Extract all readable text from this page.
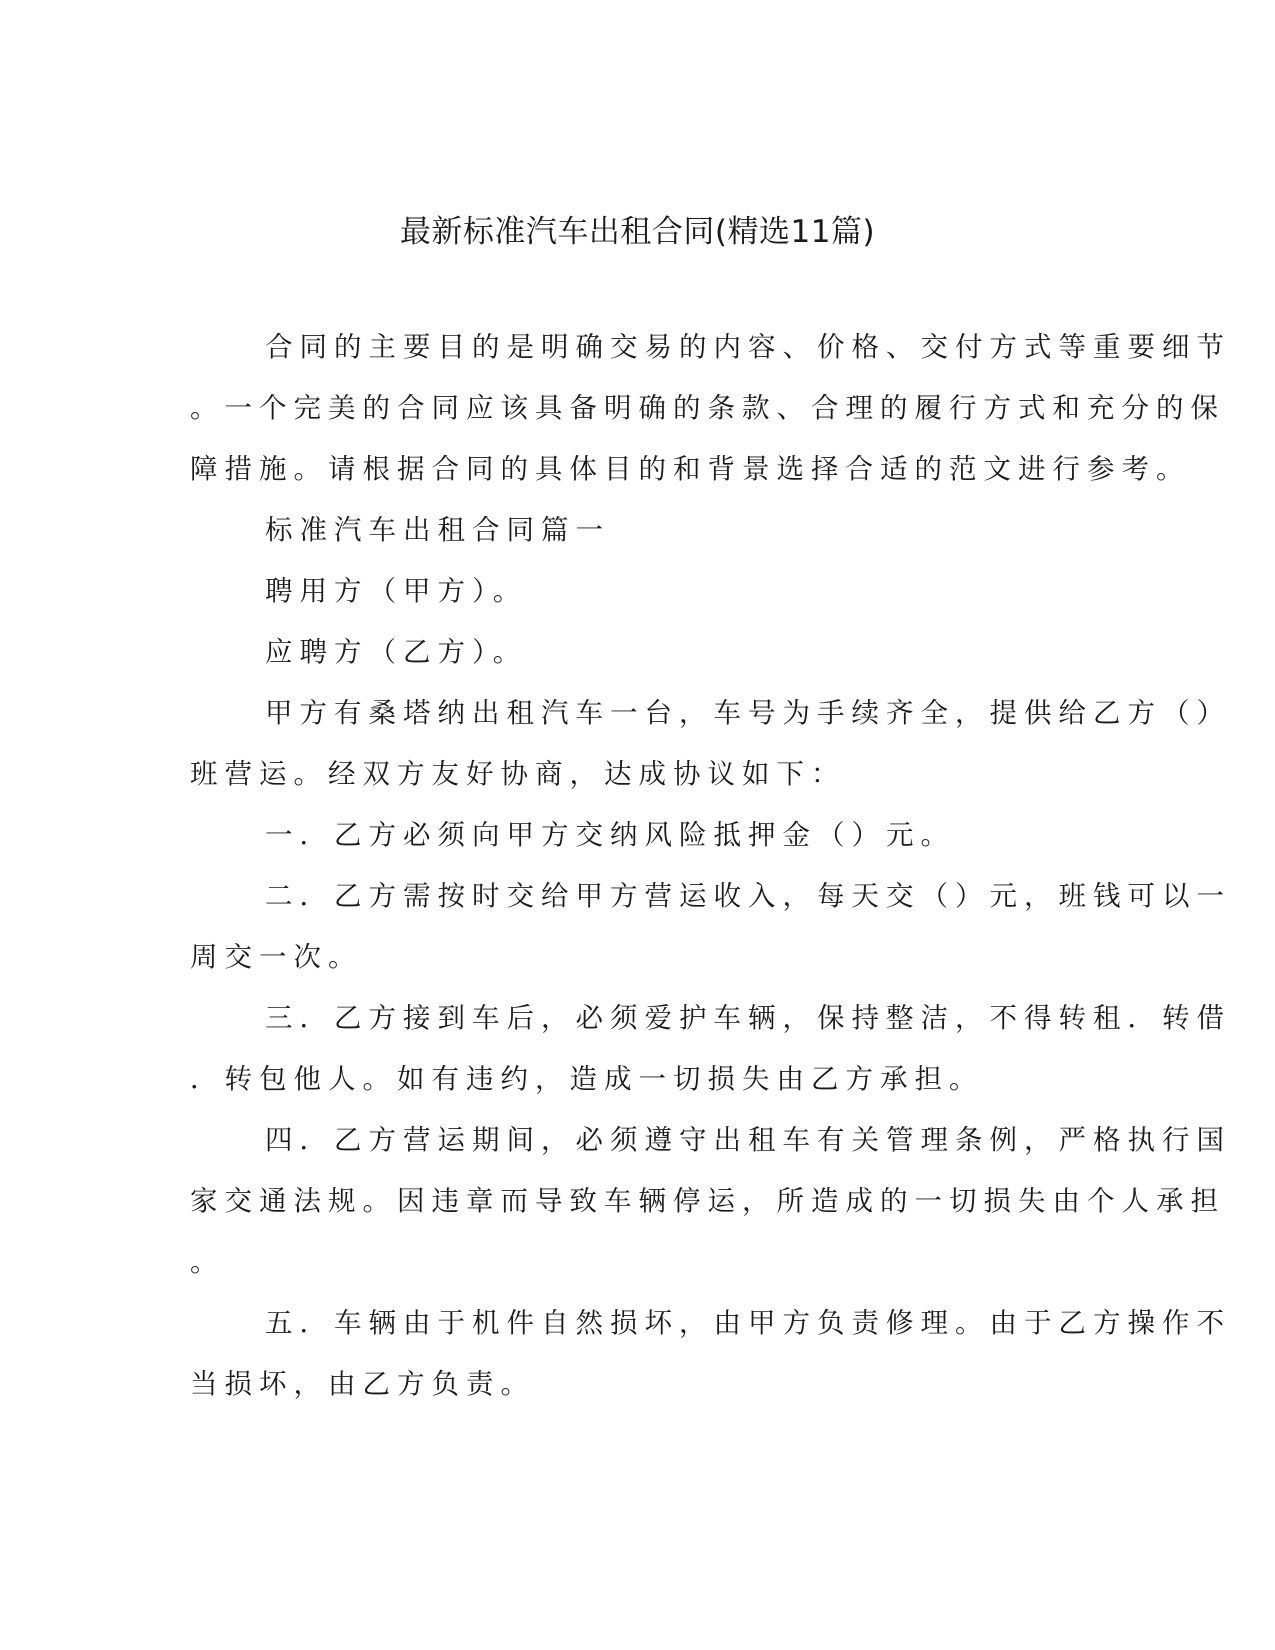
最新标准汽车出租合同(精选11篇)
合同的主要目的是明确交易的内容、价格、交付方式等重要细节
。一个完美的合同应该具备明确的条款、合理的履行方式和充分的保
障措施。请根据合同的具体目的和背景选择合适的范文进行参考。
标准汽车出租合同篇一
聘用方（甲方）。
应聘方（乙方）。
甲方有桑塔纳出租汽车一台，车号为手续齐全，提供给乙方（）
班营运。经双方友好协商，达成协议如下：
一．乙方必须向甲方交纳风险抵押金（）元。
二．乙方需按时交给甲方营运收入，每天交（）元，班钱可以一
周交一次。
三．乙方接到车后，必须爱护车辆，保持整洁，不得转租．转借
．转包他人。如有违约，造成一切损失由乙方承担。
四．乙方营运期间，必须遵守出租车有关管理条例，严格执行国
家交通法规。因违章而导致车辆停运，所造成的一切损失由个人承担
。
五．车辆由于机件自然损坏，由甲方负责修理。由于乙方操作不
当损坏，由乙方负责。
